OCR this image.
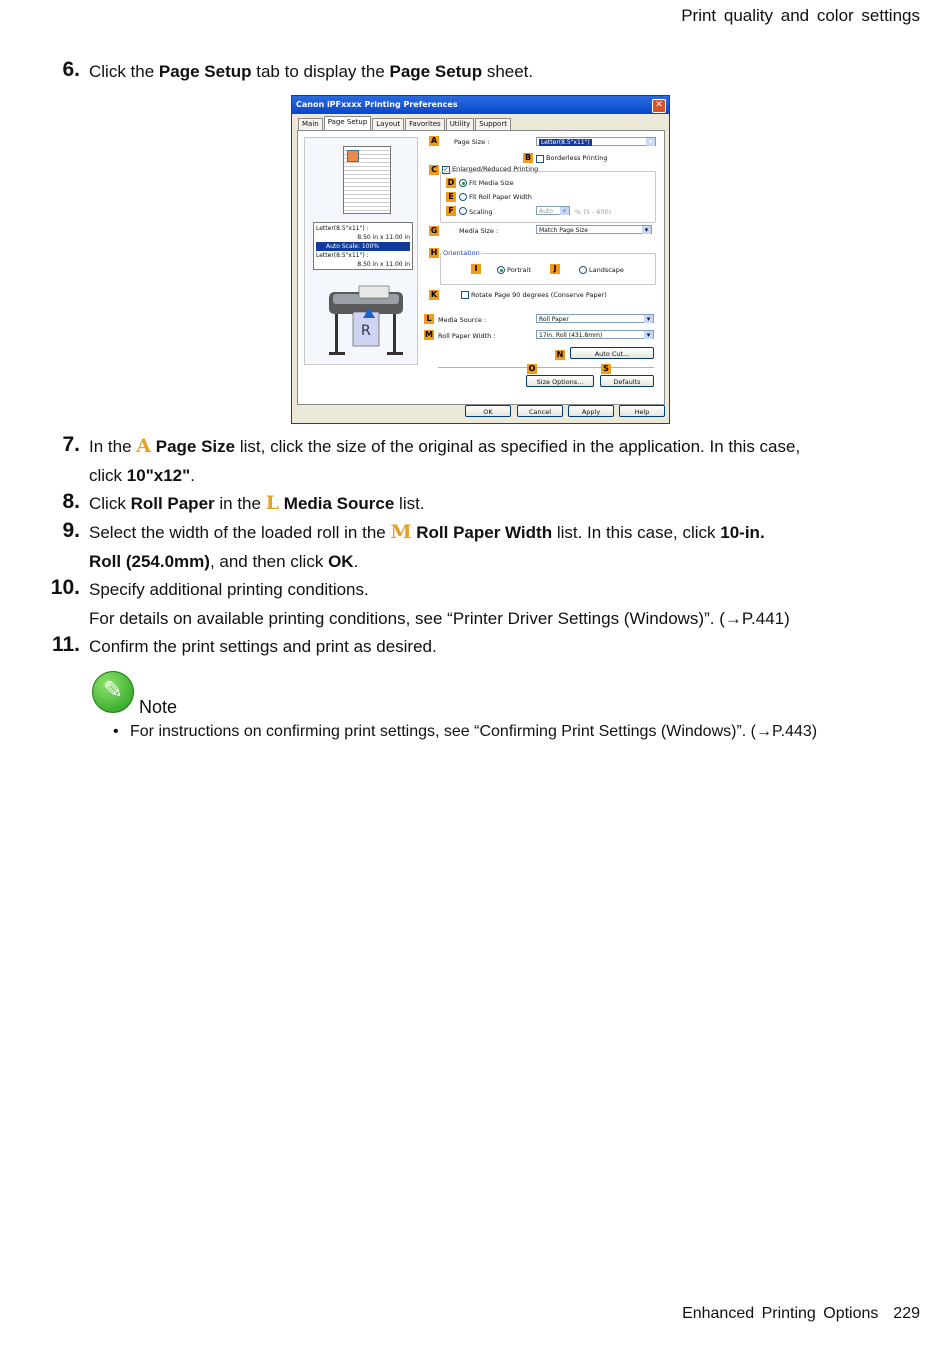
Print quality and color settings
6. Click the Page Setup tab to display the Page Setup sheet.
Canon iPFxxxx Printing Preferences	✕
Main	Page Setup	Layout	Favorites	Utility	Support
Letter(8.5"x11") :
8.50 in x 11.00 in
Auto Scale: 100%
Letter(8.5"x11") :
8.50 in x 11.00 in
R
A	Page Size :	Letter(8.5"x11") ▾
B	Borderless Printing
C	✓ Enlarged/Reduced Printing
D Fit Media Size
E	Fit Roll Paper Width
F	Scaling	Auto ▾	% (5 - 600)
G	Media Size :	Match Page Size ▾
H Orientation
I	Portrait	J	Landscape
K	Rotate Page 90 degrees (Conserve Paper)
L Media Source :	Roll Paper ▾
M Roll Paper Width :	17in. Roll (431.8mm) ▾
N	Auto Cut...
O	S
Size Options...	Defaults
OK	Cancel	Apply	Help
7. In the A Page Size list, click the size of the original as specified in the application. In this case,
click 10"x12".
8. Click Roll Paper in the L Media Source list.
9. Select the width of the loaded roll in the M Roll Paper Width list. In this case, click 10-in.
Roll (254.0mm), and then click OK.
10. Specify additional printing conditions.
For details on available printing conditions, see “Printer Driver Settings (Windows)”. (→P.441)
11. Confirm the print settings and print as desired.
✎
Note
• For instructions on confirming print settings, see “Confirming Print Settings (Windows)”. (→P.443)
Enhanced Printing Options 229
